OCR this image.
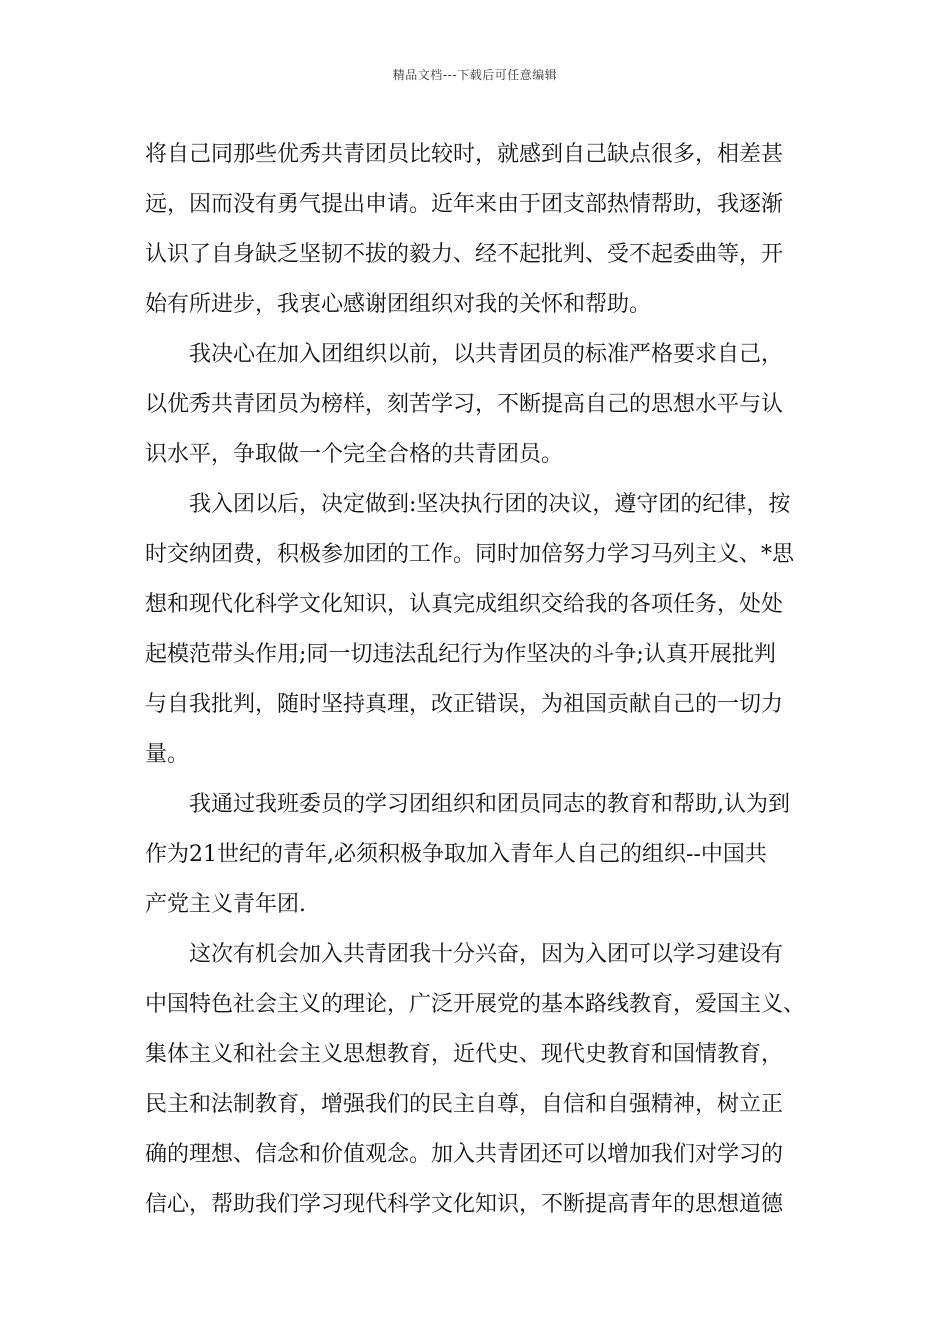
精品文档---下载后可任意编辑
将自己同那些优秀共青团员比较时，就感到自己缺点很多，相差甚
远，因而没有勇气提出申请。近年来由于团支部热情帮助，我逐渐
认识了自身缺乏坚韧不拔的毅力、经不起批判、受不起委曲等，开
始有所进步，我衷心感谢团组织对我的关怀和帮助。
我决心在加入团组织以前，以共青团员的标准严格要求自己，
以优秀共青团员为榜样，刻苦学习，不断提高自己的思想水平与认
识水平，争取做一个完全合格的共青团员。
我入团以后，决定做到:坚决执行团的决议，遵守团的纪律，按
时交纳团费，积极参加团的工作。同时加倍努力学习马列主义、*思
想和现代化科学文化知识，认真完成组织交给我的各项任务，处处
起模范带头作用;同一切违法乱纪行为作坚决的斗争;认真开展批判
与自我批判，随时坚持真理，改正错误，为祖国贡献自己的一切力
量。
我通过我班委员的学习团组织和团员同志的教育和帮助,认为到
作为21世纪的青年,必须积极争取加入青年人自己的组织--中国共
产党主义青年团.
这次有机会加入共青团我十分兴奋，因为入团可以学习建设有
中国特色社会主义的理论，广泛开展党的基本路线教育，爱国主义、
集体主义和社会主义思想教育，近代史、现代史教育和国情教育，
民主和法制教育，增强我们的民主自尊，自信和自强精神，树立正
确的理想、信念和价值观念。加入共青团还可以增加我们对学习的
信心，帮助我们学习现代科学文化知识，不断提高青年的思想道德
